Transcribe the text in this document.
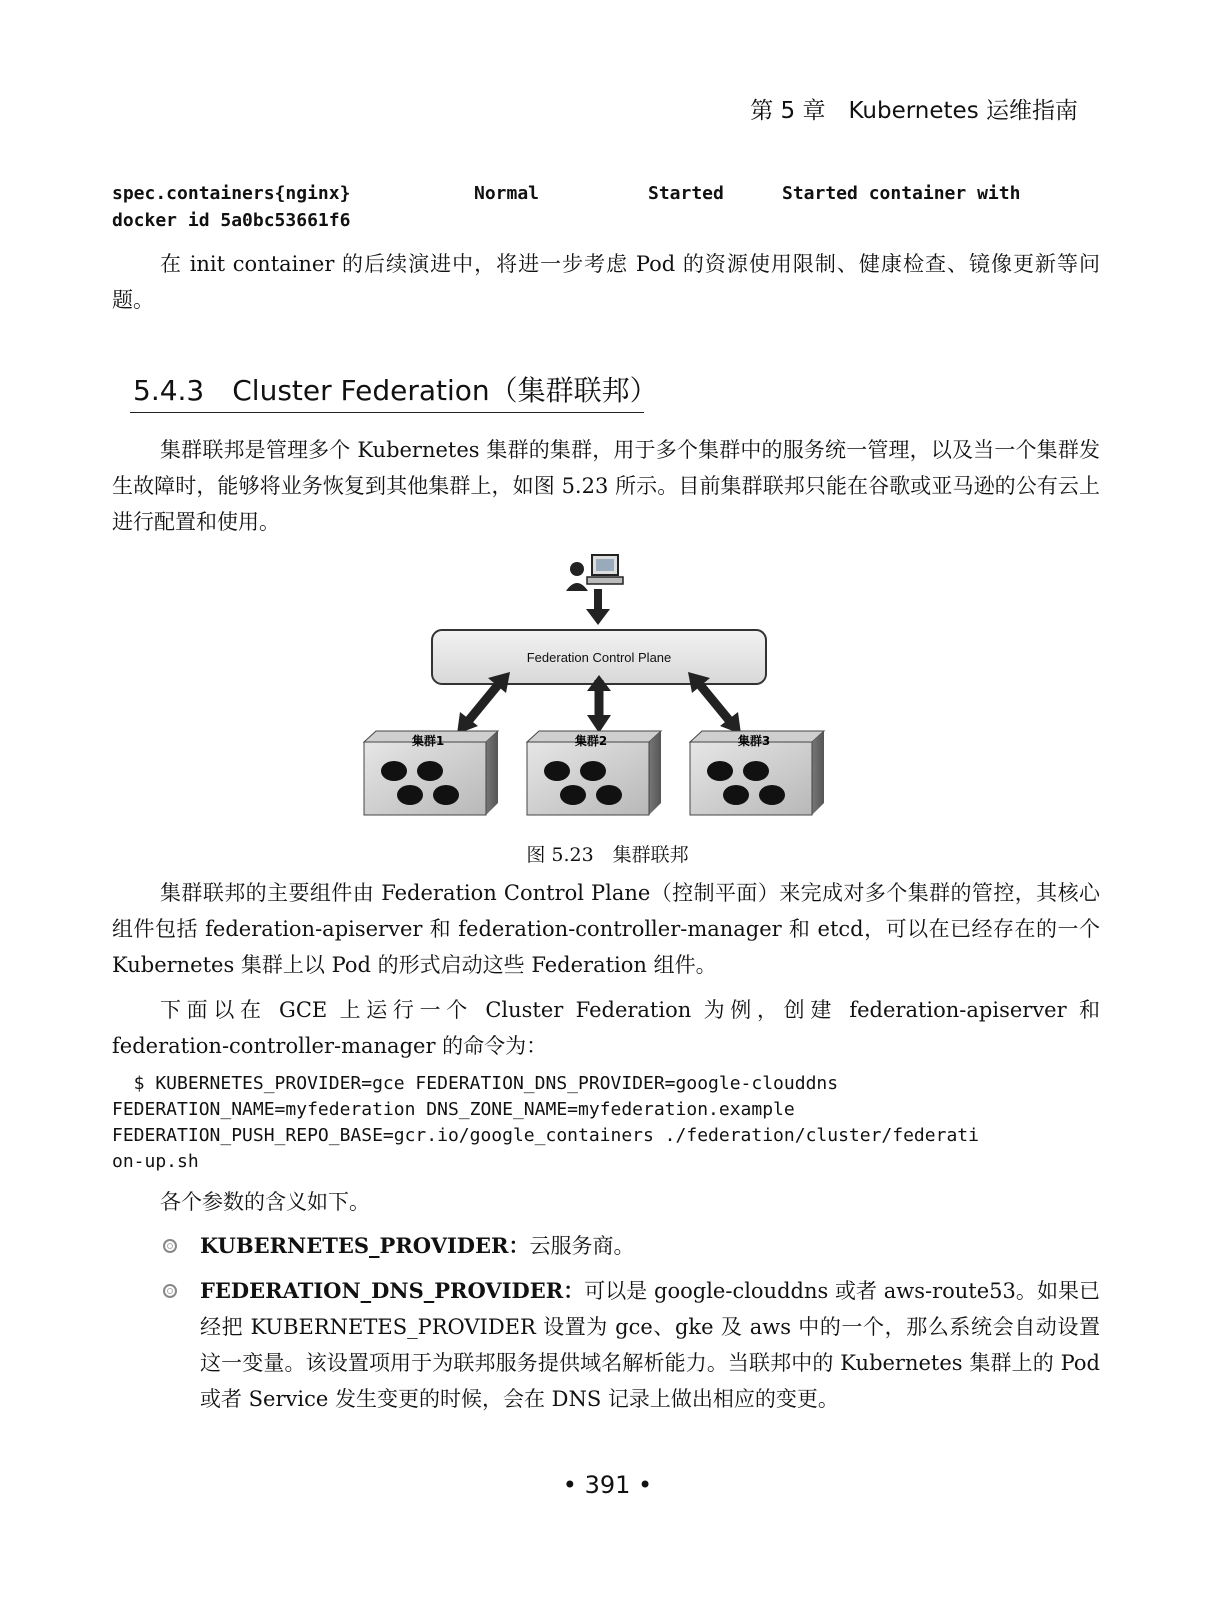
第 5 章　Kubernetes 运维指南
spec.containers{nginx}	Normal	Started	Started container with
docker id 5a0bc53661f6
在 init container 的后续演进中，将进一步考虑 Pod 的资源使用限制、健康检查、镜像更新等问题。
5.4.3　Cluster Federation（集群联邦）
集群联邦是管理多个 Kubernetes 集群的集群，用于多个集群中的服务统一管理，以及当一个集群发生故障时，能够将业务恢复到其他集群上，如图 5.23 所示。目前集群联邦只能在谷歌或亚马逊的公有云上进行配置和使用。
Federation Control Plane
集群1	集群2	集群3
图 5.23　集群联邦
集群联邦的主要组件由 Federation Control Plane（控制平面）来完成对多个集群的管控，其核心组件包括 federation-apiserver 和 federation-controller-manager 和 etcd，可以在已经存在的一个 Kubernetes 集群上以 Pod 的形式启动这些 Federation 组件。
下面以在 GCE 上运行一个 Cluster Federation 为例，创建 federation-apiserver 和 federation-controller-manager 的命令为：
$ KUBERNETES_PROVIDER=gce FEDERATION_DNS_PROVIDER=google-clouddns
FEDERATION_NAME=myfederation DNS_ZONE_NAME=myfederation.example
FEDERATION_PUSH_REPO_BASE=gcr.io/google_containers ./federation/cluster/federati
on-up.sh
各个参数的含义如下。
KUBERNETES_PROVIDER：云服务商。
FEDERATION_DNS_PROVIDER：可以是 google-clouddns 或者 aws-route53。如果已经把 KUBERNETES_PROVIDER 设置为 gce、gke 及 aws 中的一个，那么系统会自动设置这一变量。该设置项用于为联邦服务提供域名解析能力。当联邦中的 Kubernetes 集群上的 Pod 或者 Service 发生变更的时候，会在 DNS 记录上做出相应的变更。
• 391 •
